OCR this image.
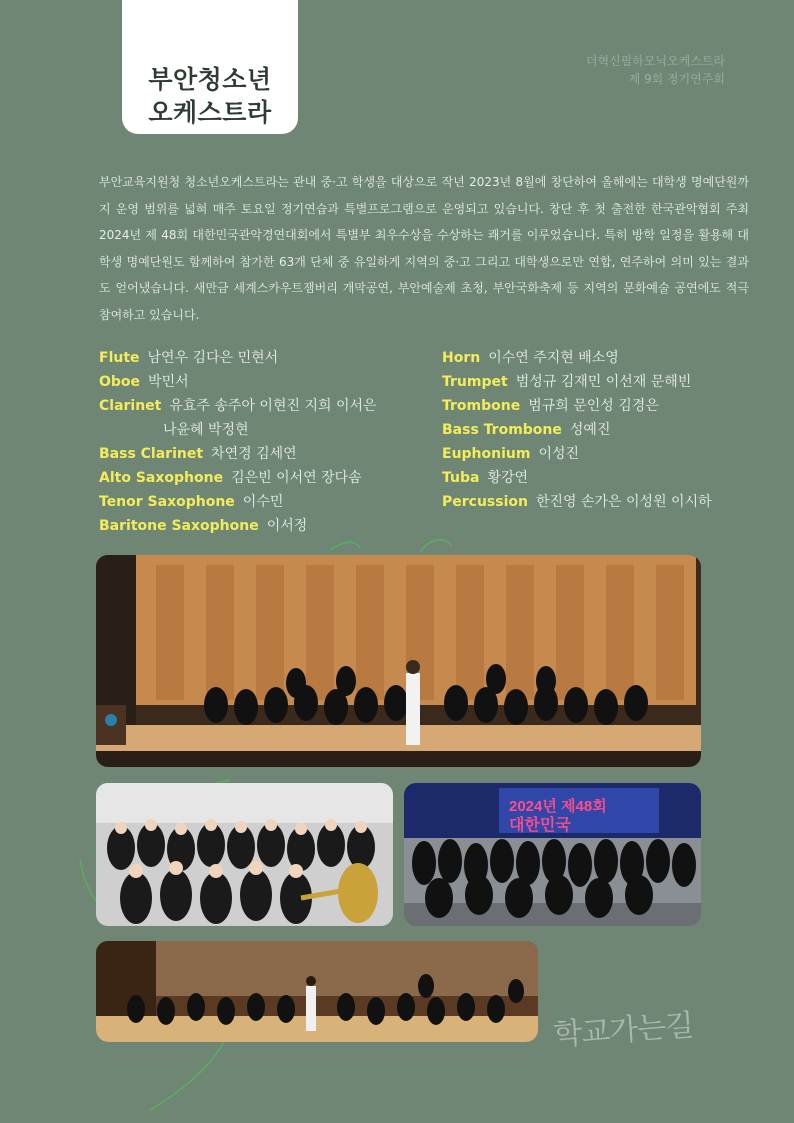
부안청소년
오케스트라
더혁신필하모닉오케스트라
제 9회 정기연주회
부안교육지원청 청소년오케스트라는 관내 중·고 학생을 대상으로 작년 2023년 8월에 창단하여 올해에는 대학생 명예단원까지 운영 범위를 넓혀 매주 토요일 정기연습과 특별프로그램으로 운영되고 있습니다. 창단 후 첫 출전한 한국관악협회 주최 2024년 제 48회 대한민국관악경연대회에서 특별부 최우수상을 수상하는 쾌거를 이루었습니다. 특히 방학 일정을 활용해 대학생 명예단원도 함께하여 참가한 63개 단체 중 유일하게 지역의 중·고 그리고 대학생으로만 연합, 연주하여 의미 있는 결과도 얻어냈습니다. 새만금 세계스카우트잼버리 개막공연, 부안예술제 초청, 부안국화축제 등 지역의 문화예술 공연에도 적극 참여하고 있습니다.
Flute 남연우 김다은 민현서
Oboe 박민서
Clarinet 유효주 송주아 이현진 지희 이서은
나윤혜 박정현
Bass Clarinet 차연경 김세연
Alto Saxophone 김은빈 이서연 장다솜
Tenor Saxophone 이수민
Baritone Saxophone 이서정
Horn 이수연 주지현 배소영
Trumpet 범성규 김재민 이선재 문해빈
Trombone 범규희 문인성 김경은
Bass Trombone 성예진
Euphonium 이성진
Tuba 황강연
Percussion 한진영 손가은 이성원 이시하
2024년 제48회
대한민국
학교가는길
